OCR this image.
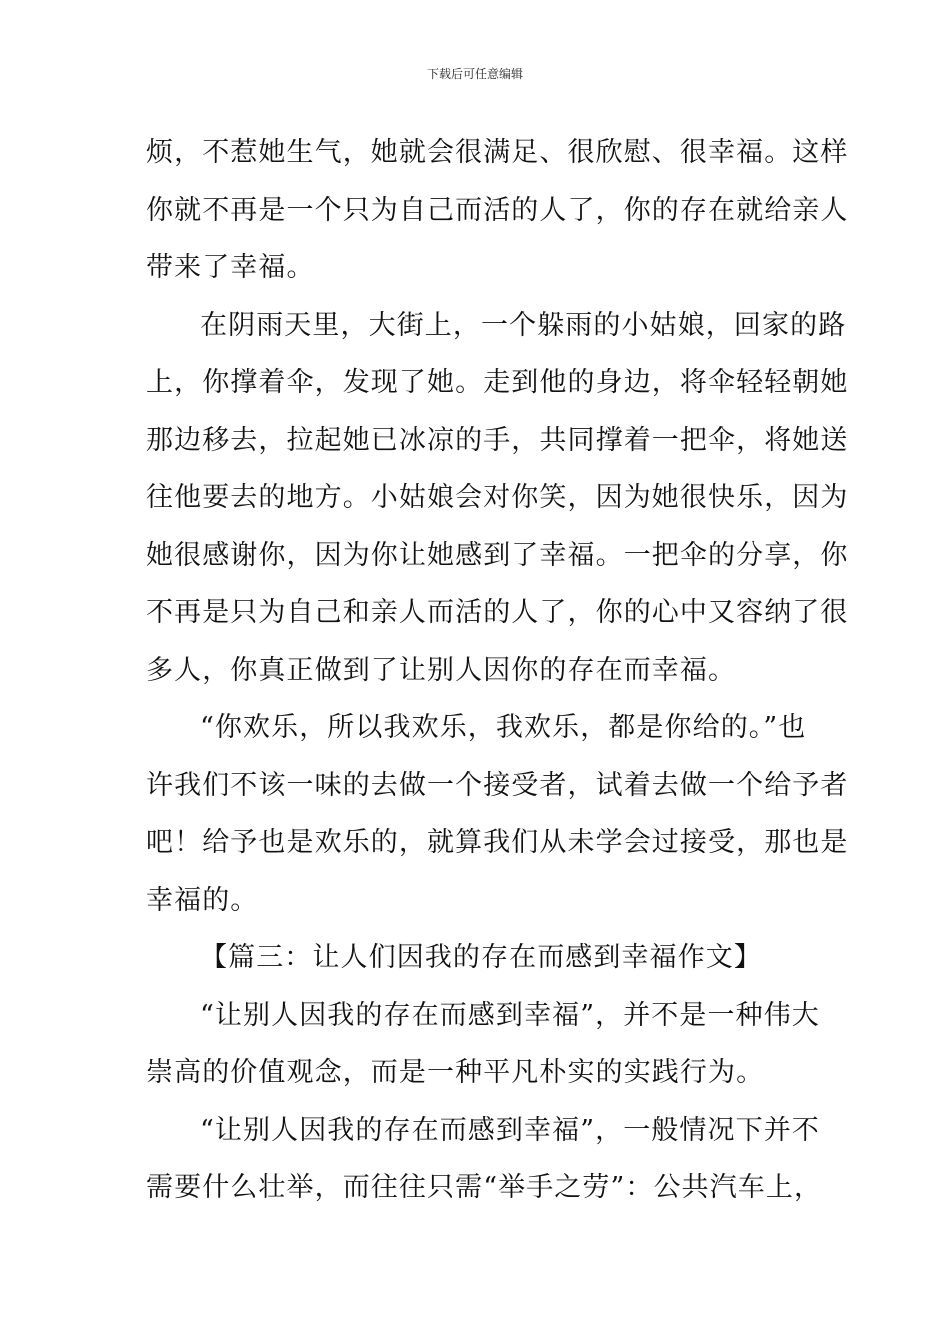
下载后可任意编辑

烦，不惹她生气，她就会很满足、很欣慰、很幸福。这样
你就不再是一个只为自己而活的人了，你的存在就给亲人
带来了幸福。

在阴雨天里，大街上，一个躲雨的小姑娘，回家的路
上，你撑着伞，发现了她。走到他的身边，将伞轻轻朝她
那边移去，拉起她已冰凉的手，共同撑着一把伞，将她送
往他要去的地方。小姑娘会对你笑，因为她很快乐，因为
她很感谢你，因为你让她感到了幸福。一把伞的分享，你
不再是只为自己和亲人而活的人了，你的心中又容纳了很
多人，你真正做到了让别人因你的存在而幸福。

“你欢乐，所以我欢乐，我欢乐，都是你给的。”也
许我们不该一味的去做一个接受者，试着去做一个给予者
吧！给予也是欢乐的，就算我们从未学会过接受，那也是
幸福的。

【篇三：让人们因我的存在而感到幸福作文】

“让别人因我的存在而感到幸福”，并不是一种伟大
崇高的价值观念，而是一种平凡朴实的实践行为。

“让别人因我的存在而感到幸福”，一般情况下并不
需要什么壮举，而往往只需“举手之劳”：公共汽车上，
